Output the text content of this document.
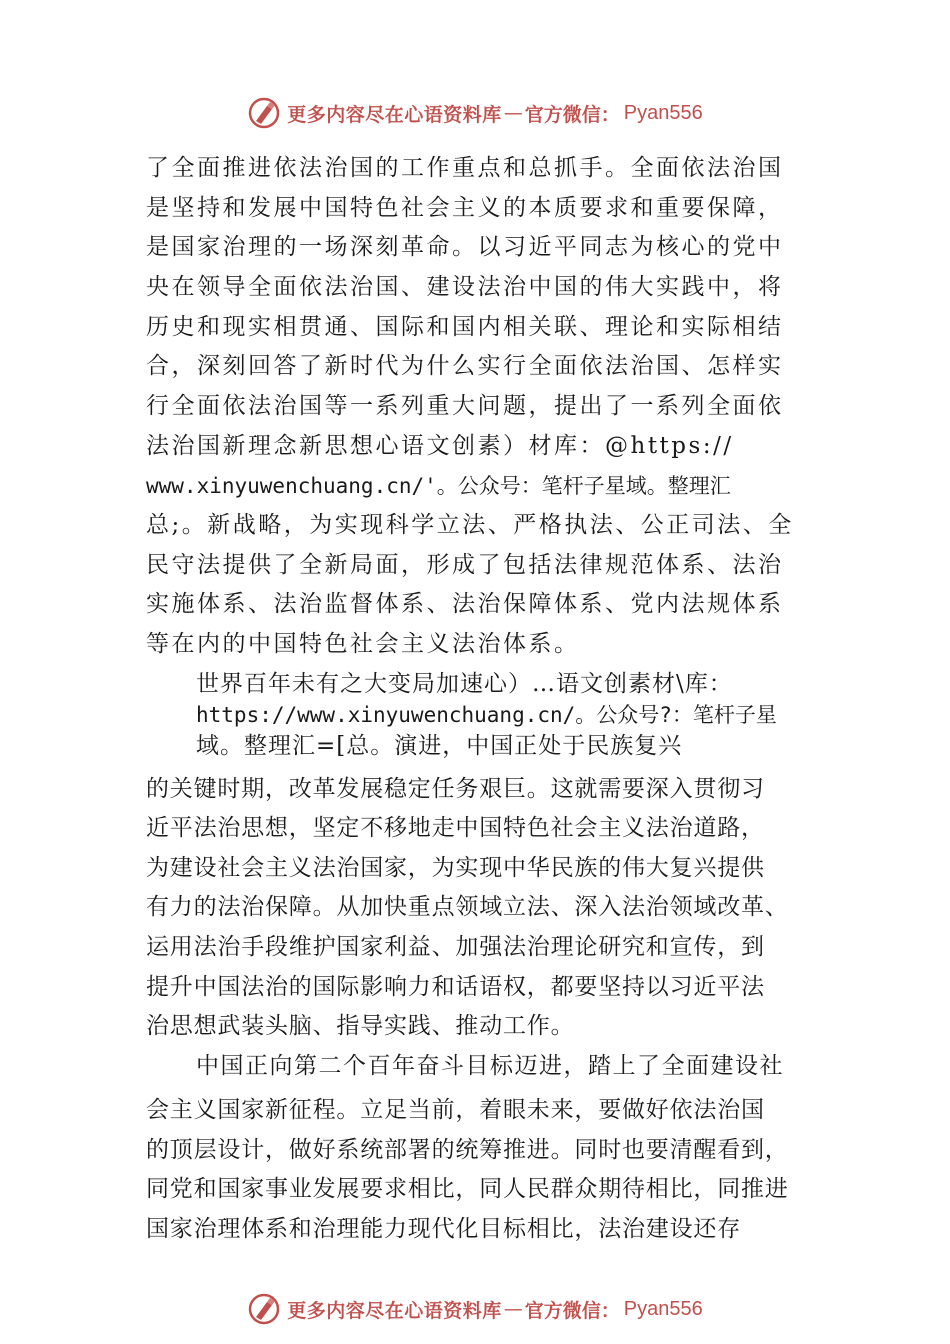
更多内容尽在心语资料库 — 官方微信： Pyan556
了全面推进依法治国的工作重点和总抓手。全面依法治国
是坚持和发展中国特色社会主义的本质要求和重要保障，
是国家治理的一场深刻革命。以习近平同志为核心的党中
央在领导全面依法治国、建设法治中国的伟大实践中，将
历史和现实相贯通、国际和国内相关联、理论和实际相结
合，深刻回答了新时代为什么实行全面依法治国、怎样实
行全面依法治国等一系列重大问题，提出了一系列全面依
法治国新理念新思想心语文创素）材库：@https://
www.xinyuwenchuang.cn/'。公众号：笔杆子星域。整理汇
总;。新战略，为实现科学立法、严格执法、公正司法、全
民守法提供了全新局面，形成了包括法律规范体系、法治
实施体系、法治监督体系、法治保障体系、党内法规体系
等在内的中国特色社会主义法治体系。
世界百年未有之大变局加速心）…语文创素材\库：
https://www.xinyuwenchuang.cn/。公众号?：笔杆子星
域。整理汇=[总。演进，中国正处于民族复兴
的关键时期，改革发展稳定任务艰巨。这就需要深入贯彻习
近平法治思想，坚定不移地走中国特色社会主义法治道路，
为建设社会主义法治国家，为实现中华民族的伟大复兴提供
有力的法治保障。从加快重点领域立法、深入法治领域改革、
运用法治手段维护国家利益、加强法治理论研究和宣传，到
提升中国法治的国际影响力和话语权，都要坚持以习近平法
治思想武装头脑、指导实践、推动工作。
中国正向第二个百年奋斗目标迈进，踏上了全面建设社
会主义国家新征程。立足当前，着眼未来，要做好依法治国
的顶层设计，做好系统部署的统筹推进。同时也要清醒看到，
同党和国家事业发展要求相比，同人民群众期待相比，同推进
国家治理体系和治理能力现代化目标相比，法治建设还存
更多内容尽在心语资料库 — 官方微信： Pyan556
